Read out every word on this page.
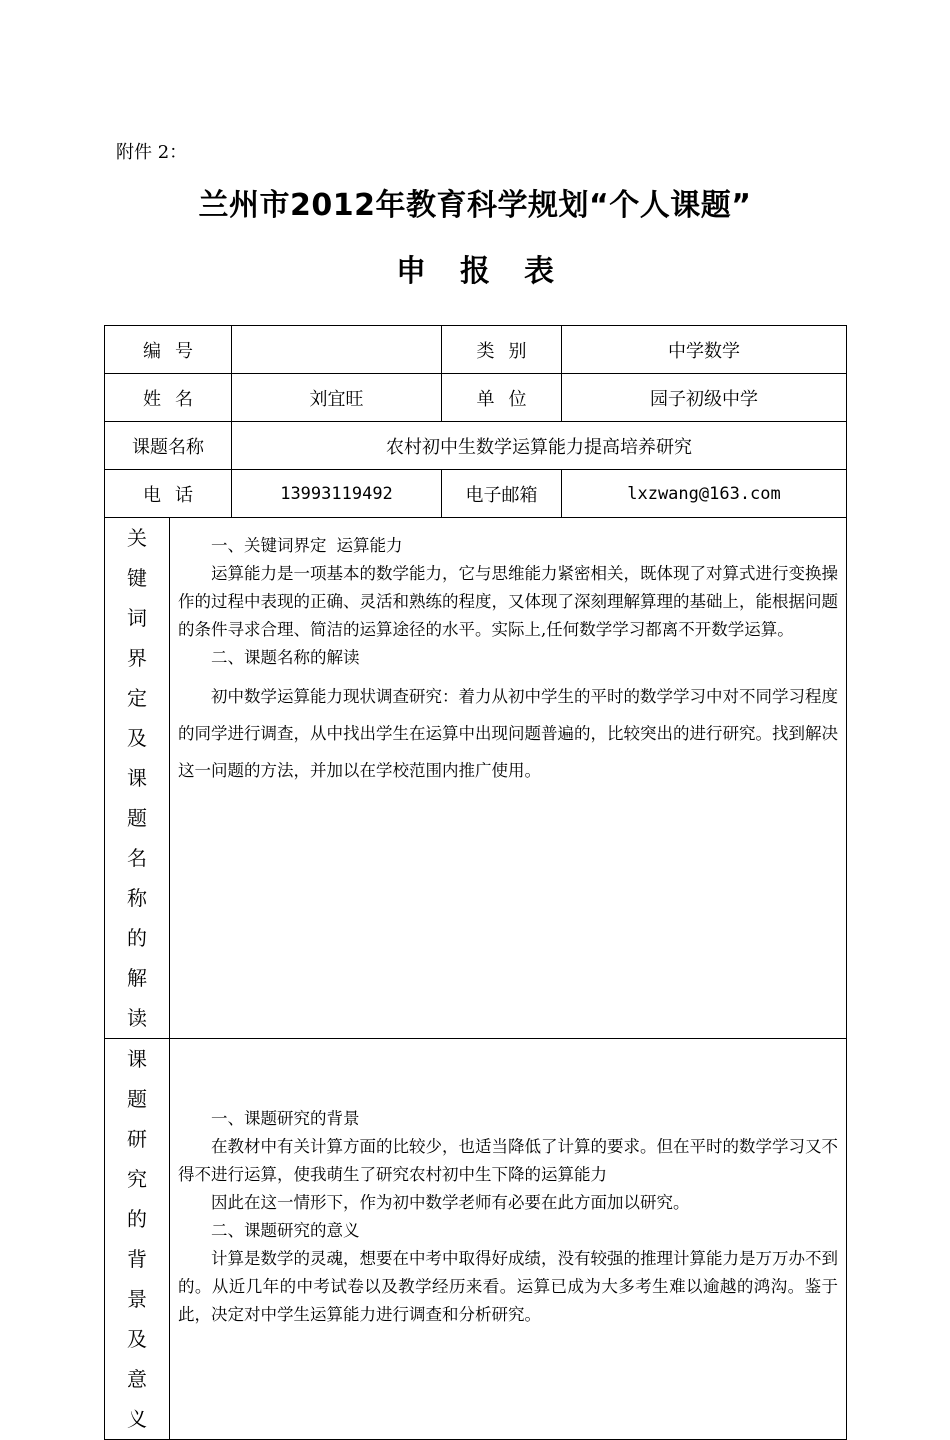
附件 2：
兰州市2012年教育科学规划“个人课题”
申报表
编号			类别	中学数学
姓名		刘宜旺	单位	园子初级中学
课题名称		农村初中生数学运算能力提高培养研究		
电话		13993119492	电子邮箱	lxzwang@163.com

关键词界定及课题名称的解读	一、关键词界定 运算能力

运算能力是一项基本的数学能力，它与思维能力紧密相关，既体现了对算式进行变换操作的过程中表现的正确、灵活和熟练的程度，又体现了深刻理解算理的基础上，能根据问题的条件寻求合理、简洁的运算途径的水平。实际上,任何数学学习都离不开数学运算。

二、课题名称的解读

初中数学运算能力现状调查研究：着力从初中学生的平时的数学学习中对不同学习程度的同学进行调查，从中找出学生在运算中出现问题普遍的，比较突出的进行研究。找到解决这一问题的方法，并加以在学校范围内推广使用。			

课题研究的背景及意义	一、课题研究的背景

在教材中有关计算方面的比较少，也适当降低了计算的要求。但在平时的数学学习又不得不进行运算，使我萌生了研究农村初中生下降的运算能力

因此在这一情形下，作为初中数学老师有必要在此方面加以研究。

二、课题研究的意义

计算是数学的灵魂，想要在中考中取得好成绩，没有较强的推理计算能力是万万办不到的。从近几年的中考试卷以及教学经历来看。运算已成为大多考生难以逾越的鸿沟。鉴于此，决定对中学生运算能力进行调查和分析研究。			
